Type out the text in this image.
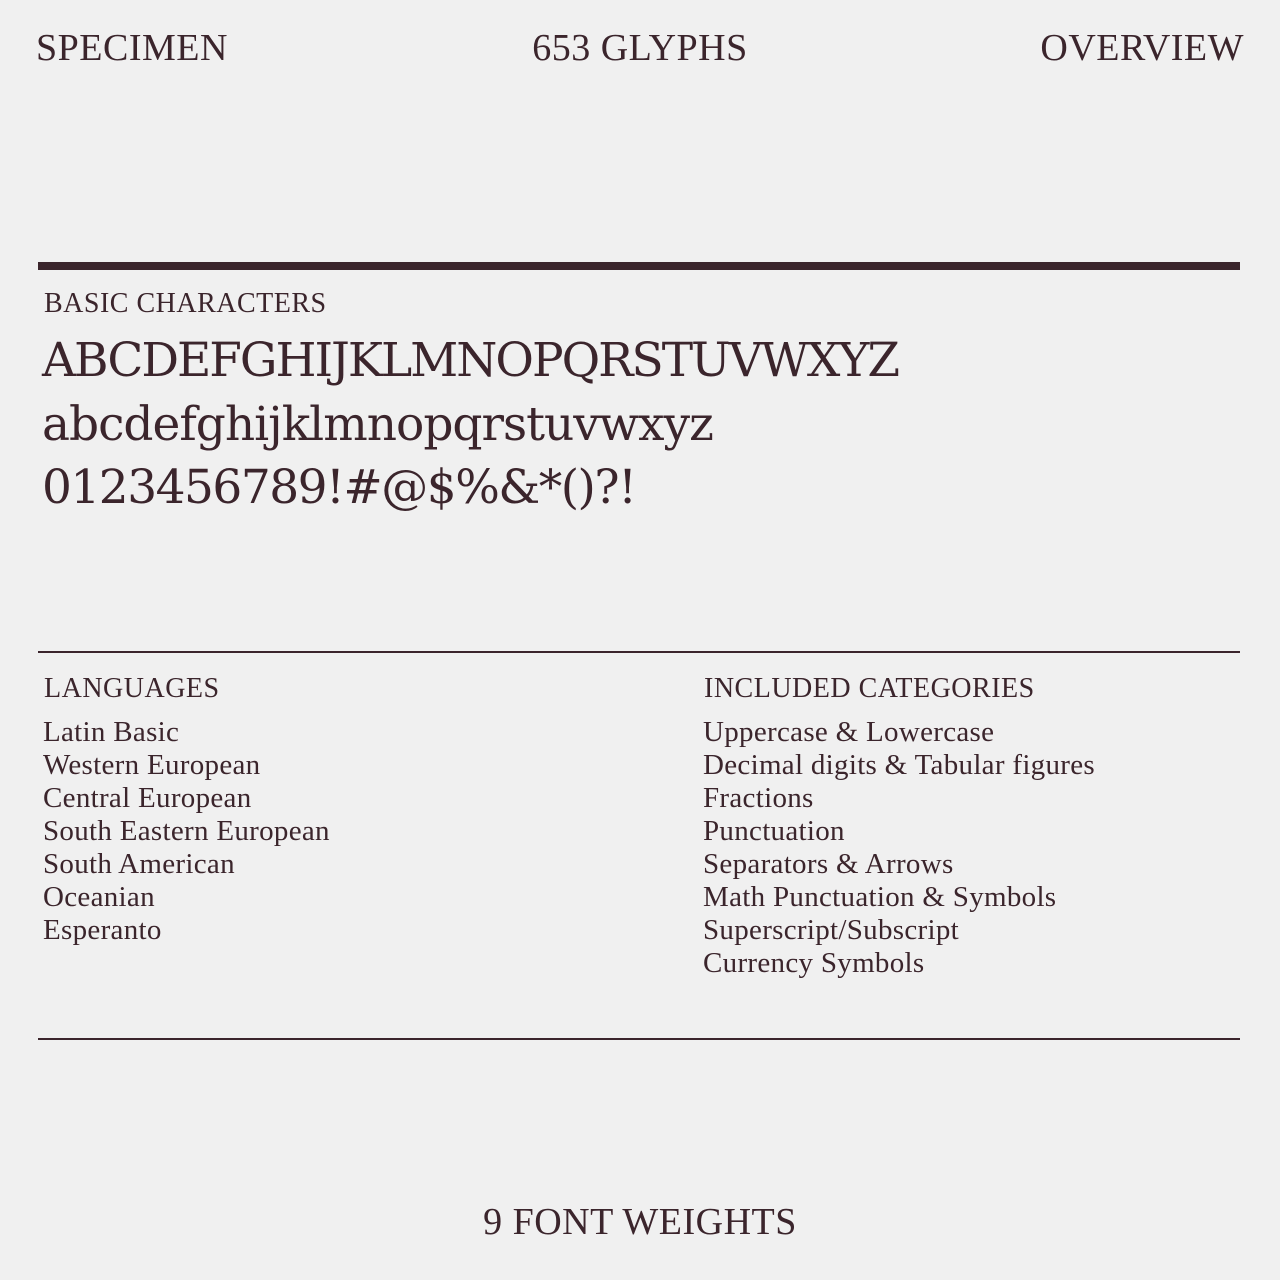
SPECIMEN	653 GLYPHS	OVERVIEW
BASIC CHARACTERS
ABCDEFGHIJKLMNOPQRSTUVWXYZ
abcdefghijklmnopqrstuvwxyz
0123456789!#@$%&*()?!
LANGUAGES
Latin Basic
Western European
Central European
South Eastern European
South American
Oceanian
Esperanto
INCLUDED CATEGORIES
Uppercase & Lowercase
Decimal digits & Tabular figures
Fractions
Punctuation
Separators & Arrows
Math Punctuation & Symbols
Superscript/Subscript
Currency Symbols
9 FONT WEIGHTS
